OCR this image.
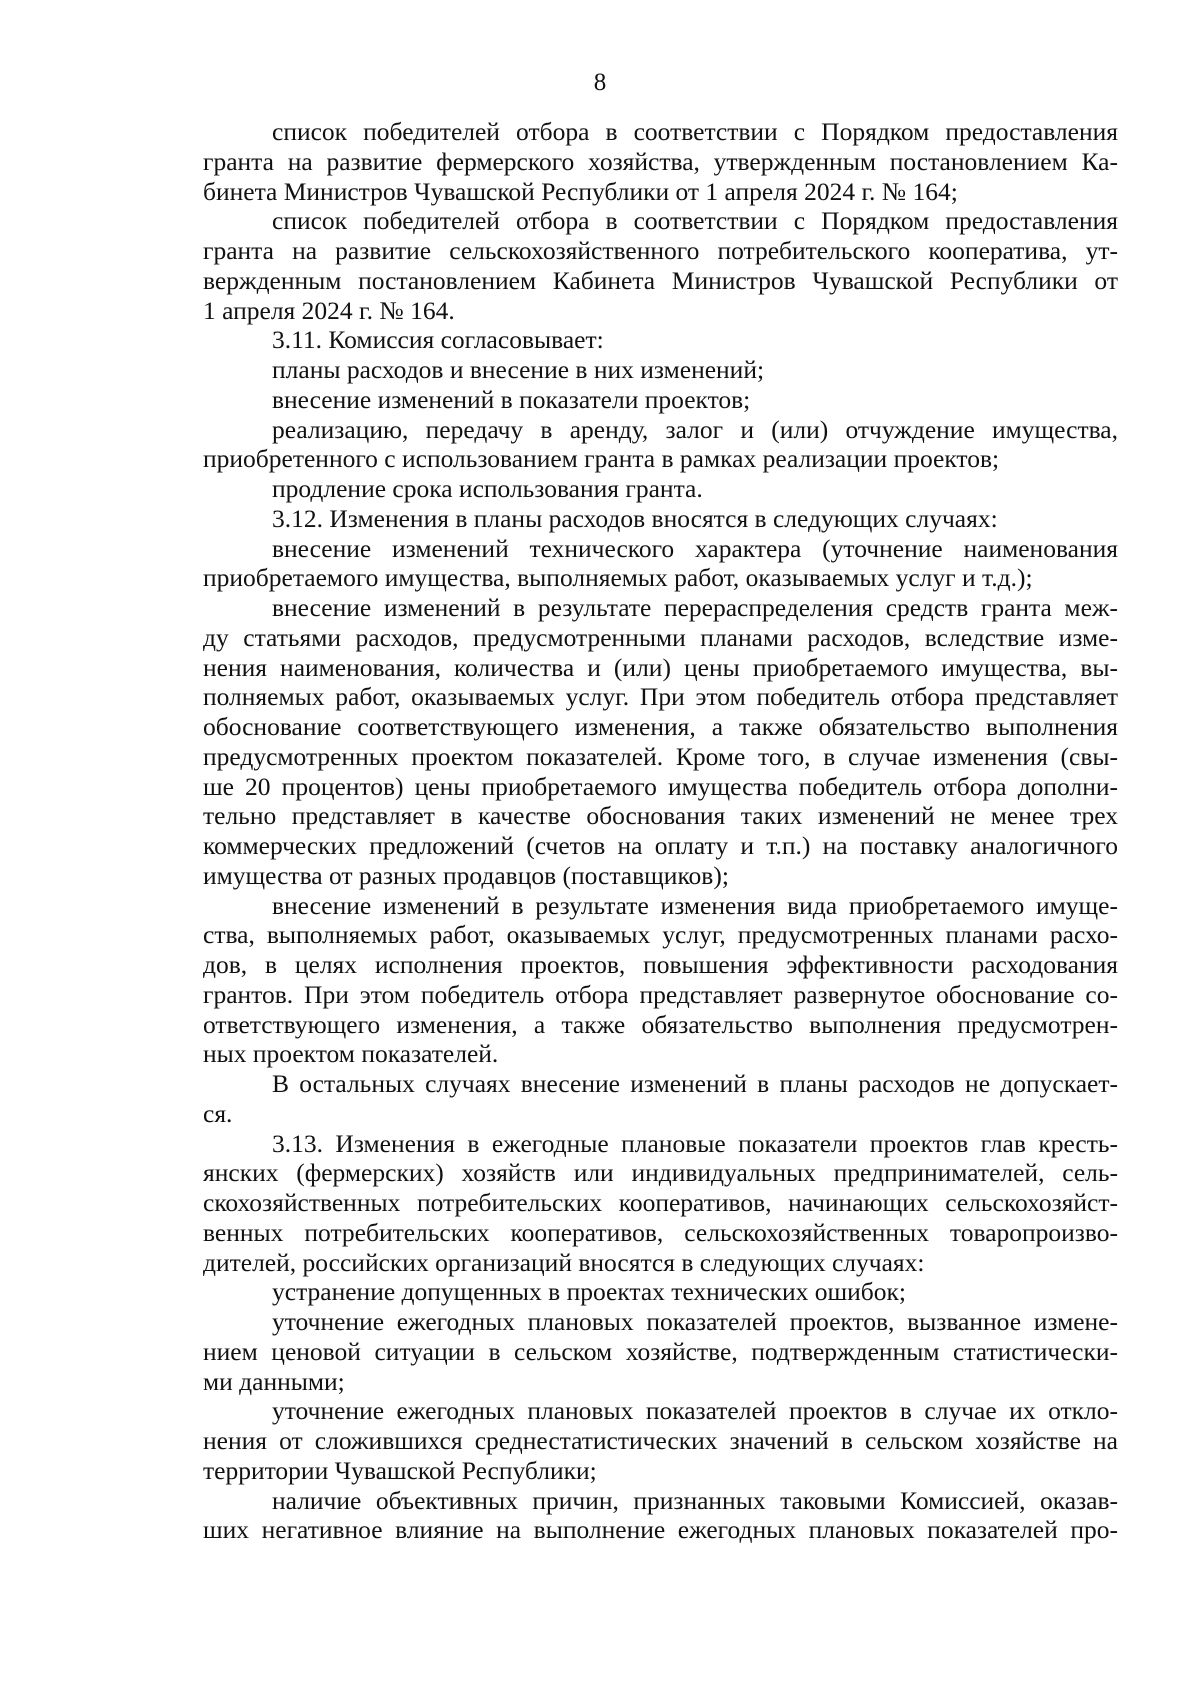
8
список победителей отбора в соответствии с Порядком предоставления
гранта на развитие фермерского хозяйства, утвержденным постановлением Ка-
бинета Министров Чувашской Республики от 1 апреля 2024 г. № 164;
список победителей отбора в соответствии с Порядком предоставления
гранта на развитие сельскохозяйственного потребительского кооператива, ут-
вержденным постановлением Кабинета Министров Чувашской Республики от
1 апреля 2024 г. № 164.
3.11. Комиссия согласовывает:
планы расходов и внесение в них изменений;
внесение изменений в показатели проектов;
реализацию, передачу в аренду, залог и (или) отчуждение имущества,
приобретенного с использованием гранта в рамках реализации проектов;
продление срока использования гранта.
3.12. Изменения в планы расходов вносятся в следующих случаях:
внесение изменений технического характера (уточнение наименования
приобретаемого имущества, выполняемых работ, оказываемых услуг и т.д.);
внесение изменений в результате перераспределения средств гранта меж-
ду статьями расходов, предусмотренными планами расходов, вследствие изме-
нения наименования, количества и (или) цены приобретаемого имущества, вы-
полняемых работ, оказываемых услуг. При этом победитель отбора представляет
обоснование соответствующего изменения, а также обязательство выполнения
предусмотренных проектом показателей. Кроме того, в случае изменения (свы-
ше 20 процентов) цены приобретаемого имущества победитель отбора дополни-
тельно представляет в качестве обоснования таких изменений не менее трех
коммерческих предложений (счетов на оплату и т.п.) на поставку аналогичного
имущества от разных продавцов (поставщиков);
внесение изменений в результате изменения вида приобретаемого имуще-
ства, выполняемых работ, оказываемых услуг, предусмотренных планами расхо-
дов, в целях исполнения проектов, повышения эффективности расходования
грантов. При этом победитель отбора представляет развернутое обоснование со-
ответствующего изменения, а также обязательство выполнения предусмотрен-
ных проектом показателей.
В остальных случаях внесение изменений в планы расходов не допускает-
ся.
3.13. Изменения в ежегодные плановые показатели проектов глав кресть-
янских (фермерских) хозяйств или индивидуальных предпринимателей, сель-
скохозяйственных потребительских кооперативов, начинающих сельскохозяйст-
венных потребительских кооперативов, сельскохозяйственных товаропроизво-
дителей, российских организаций вносятся в следующих случаях:
устранение допущенных в проектах технических ошибок;
уточнение ежегодных плановых показателей проектов, вызванное измене-
нием ценовой ситуации в сельском хозяйстве, подтвержденным статистически-
ми данными;
уточнение ежегодных плановых показателей проектов в случае их откло-
нения от сложившихся среднестатистических значений в сельском хозяйстве на
территории Чувашской Республики;
наличие объективных причин, признанных таковыми Комиссией, оказав-
ших негативное влияние на выполнение ежегодных плановых показателей про-
